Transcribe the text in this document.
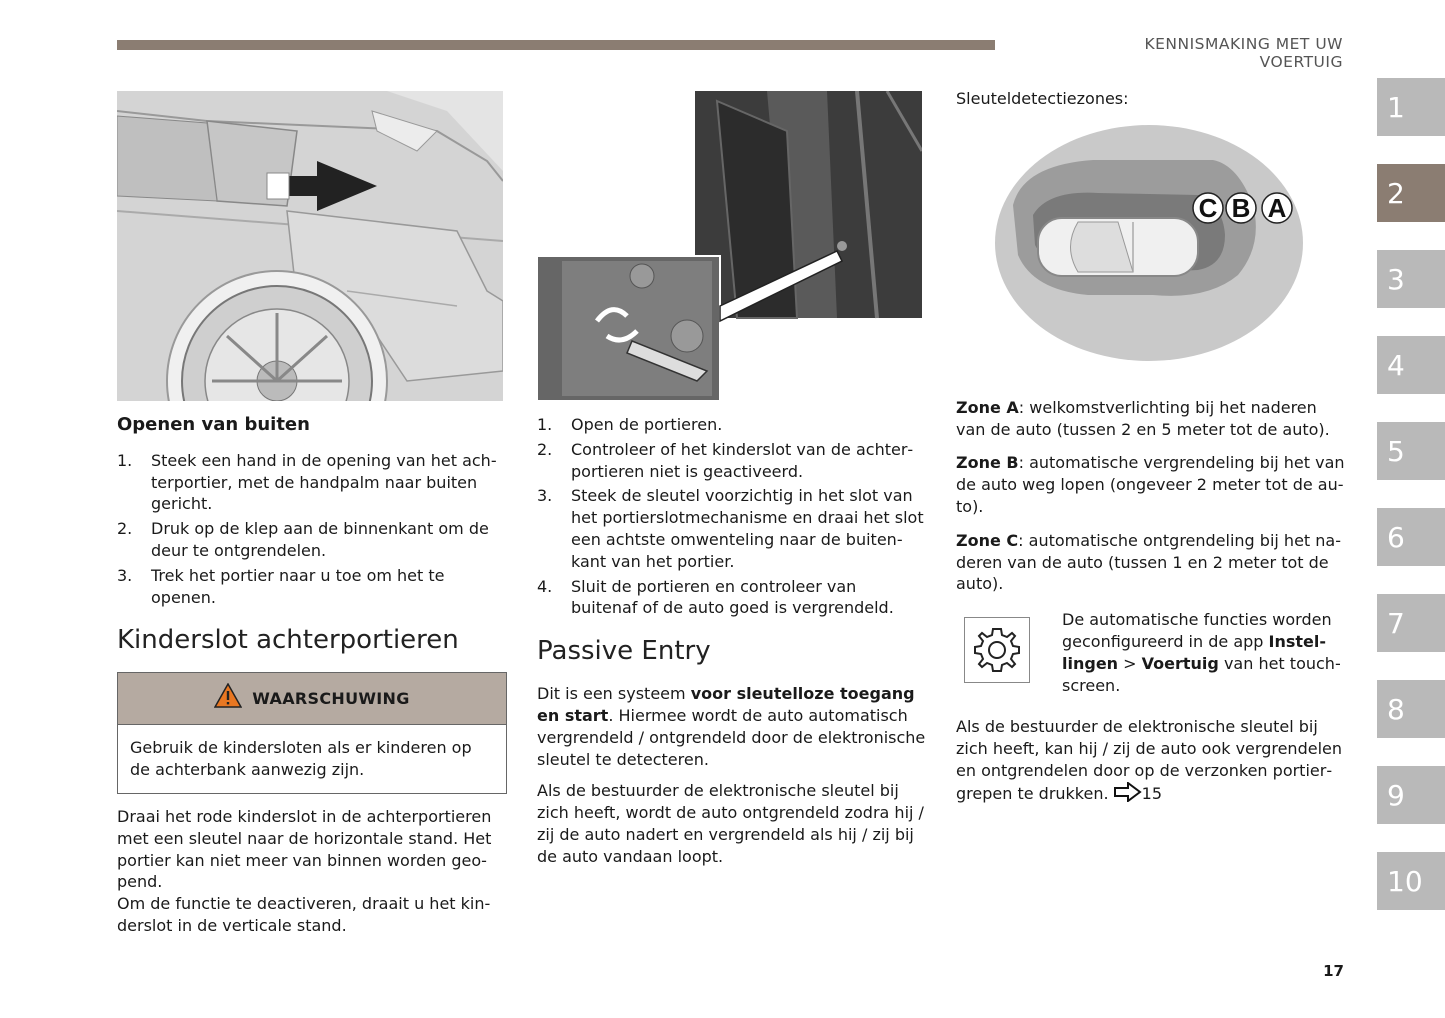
KENNISMAKING MET UW VOERTUIG
C B A
Openen van buiten
1.	Steek een hand in de opening van het achterportier, met de handpalm naar buiten gericht.
2.	Druk op de klep aan de binnenkant om de deur te ontgrendelen.
3.	Trek het portier naar u toe om het te openen.
Kinderslot achterportieren
WAARSCHUWING
Gebruik de kindersloten als er kinderen op de achterbank aanwezig zijn.

Draai het rode kinderslot in de achterportieren met een sleutel naar de horizontale stand. Het portier kan niet meer van binnen worden geopend.

Om de functie te deactiveren, draait u het kinderslot in de verticale stand.

1.	Open de portieren.
2.	Controleer of het kinderslot van de achterportieren niet is geactiveerd.
3.	Steek de sleutel voorzichtig in het slot van het portierslotmechanisme en draai het slot een achtste omwenteling naar de buitenkant van het portier.
4.	Sluit de portieren en controleer van buitenaf of de auto goed is vergrendeld.
Passive Entry

Dit is een systeem voor sleutelloze toegang en start. Hiermee wordt de auto automatisch vergrendeld / ontgrendeld door de elektronische sleutel te detecteren.

Als de bestuurder de elektronische sleutel bij zich heeft, wordt de auto ontgrendeld zodra hij / zij de auto nadert en vergrendeld als hij / zij bij de auto vandaan loopt.

Sleuteldetectiezones:

Zone A: welkomstverlichting bij het naderen van de auto (tussen 2 en 5 meter tot de auto).

Zone B: automatische vergrendeling bij het van de auto weg lopen (ongeveer 2 meter tot de auto).

Zone C: automatische ontgrendeling bij het naderen van de auto (tussen 1 en 2 meter tot de auto).

De automatische functies worden geconfigureerd in de app Instellingen > Voertuig van het touchscreen.

Als de bestuurder de elektronische sleutel bij zich heeft, kan hij / zij de auto ook vergrendelen en ontgrendelen door op de verzonken portiergrepen te drukken. 15

1
2
3
4
5
6
7
8
9
10
17
